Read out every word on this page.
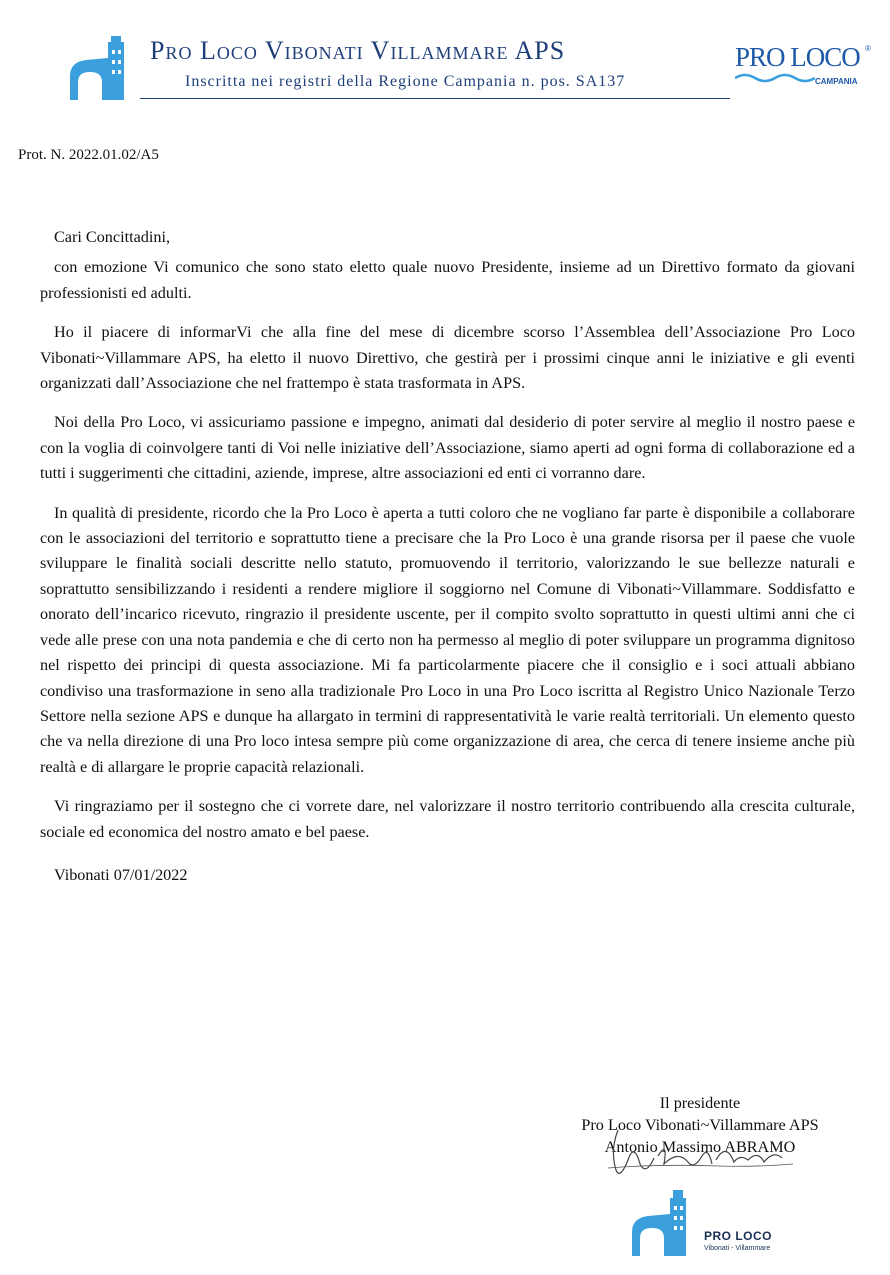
Pro Loco Vibonati Villammare APS
Inscritta nei registri della Regione Campania n. pos. SA137
PRO LOCO
CAMPANIA
®
Prot. N. 2022.01.02/A5

Cari Concittadini,

con emozione Vi comunico che sono stato eletto quale nuovo Presidente, insieme ad un Direttivo formato da giovani professionisti ed adulti.

Ho il piacere di informarVi che alla fine del mese di dicembre scorso l’Assemblea dell’Associazione Pro Loco Vibonati~Villammare APS, ha eletto il nuovo Direttivo, che gestirà per i prossimi cinque anni le iniziative e gli eventi organizzati dall’Associazione che nel frattempo è stata trasformata in APS.

Noi della Pro Loco, vi assicuriamo passione e impegno, animati dal desiderio di poter servire al meglio il nostro paese e con la voglia di coinvolgere tanti di Voi nelle iniziative dell’Associazione, siamo aperti ad ogni forma di collaborazione ed a tutti i suggerimenti che cittadini, aziende, imprese, altre associazioni ed enti ci vorranno dare.

In qualità di presidente, ricordo che la Pro Loco è aperta a tutti coloro che ne vogliano far parte è disponibile a collaborare con le associazioni del territorio e soprattutto tiene a precisare che la Pro Loco è una grande risorsa per il paese che vuole sviluppare le finalità sociali descritte nello statuto, promuovendo il territorio, valorizzando le sue bellezze naturali e soprattutto sensibilizzando i residenti a rendere migliore il soggiorno nel Comune di Vibonati~Villammare. Soddisfatto e onorato dell’incarico ricevuto, ringrazio il presidente uscente, per il compito svolto soprattutto in questi ultimi anni che ci vede alle prese con una nota pandemia e che di certo non ha permesso al meglio di poter sviluppare un programma dignitoso nel rispetto dei principi di questa associazione. Mi fa particolarmente piacere che il consiglio e i soci attuali abbiano condiviso una trasformazione in seno alla tradizionale Pro Loco in una Pro Loco iscritta al Registro Unico Nazionale Terzo Settore nella sezione APS e dunque ha allargato in termini di rappresentatività le varie realtà territoriali. Un elemento questo che va nella direzione di una Pro loco intesa sempre più come organizzazione di area, che cerca di tenere insieme anche più realtà e di allargare le proprie capacità relazionali.

Vi ringraziamo per il sostegno che ci vorrete dare, nel valorizzare il nostro territorio contribuendo alla crescita culturale, sociale ed economica del nostro amato e bel paese.

Vibonati 07/01/2022

Il presidente
Pro Loco Vibonati~Villammare APS
Antonio Massimo ABRAMO
PRO LOCO
Vibonati - Villammare
